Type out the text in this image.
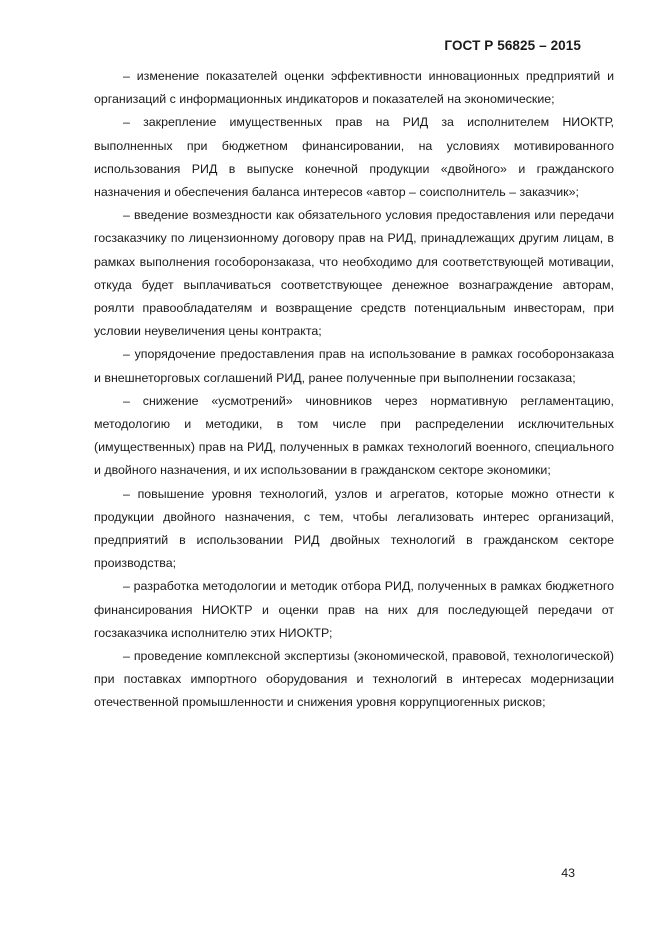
ГОСТ Р 56825 – 2015

– изменение показателей оценки эффективности инновационных предприятий и организаций с информационных индикаторов и показателей на экономические;

– закрепление имущественных прав на РИД за исполнителем НИОКТР, выполненных при бюджетном финансировании, на условиях мотивированного использования РИД в выпуске конечной продукции «двойного» и гражданского назначения и обеспечения баланса интересов «автор – соисполнитель – заказчик»;

– введение возмездности как обязательного условия предоставления или передачи госзаказчику по лицензионному договору прав на РИД, принадлежащих другим лицам, в рамках выполнения гособоронзаказа, что необходимо для соответствующей мотивации, откуда будет выплачиваться соответствующее денежное вознаграждение авторам, роялти правообладателям и возвращение средств потенциальным инвесторам, при условии неувеличения цены контракта;

– упорядочение предоставления прав на использование в рамках гособоронзаказа и внешнеторговых соглашений РИД, ранее полученные при выполнении госзаказа;

– снижение «усмотрений» чиновников через нормативную регламентацию, методологию и методики, в том числе при распределении исключительных (имущественных) прав на РИД, полученных в рамках технологий военного, специального и двойного назначения, и их использовании в гражданском секторе экономики;

– повышение уровня технологий, узлов и агрегатов, которые можно отнести к продукции двойного назначения, с тем, чтобы легализовать интерес организаций, предприятий в использовании РИД двойных технологий в гражданском секторе производства;

– разработка методологии и методик отбора РИД, полученных в рамках бюджетного финансирования НИОКТР и оценки прав на них для последующей передачи от госзаказчика исполнителю этих НИОКТР;

– проведение комплексной экспертизы (экономической, правовой, технологической) при поставках импортного оборудования и технологий в интересах модернизации отечественной промышленности и снижения уровня коррупциогенных рисков;

43
